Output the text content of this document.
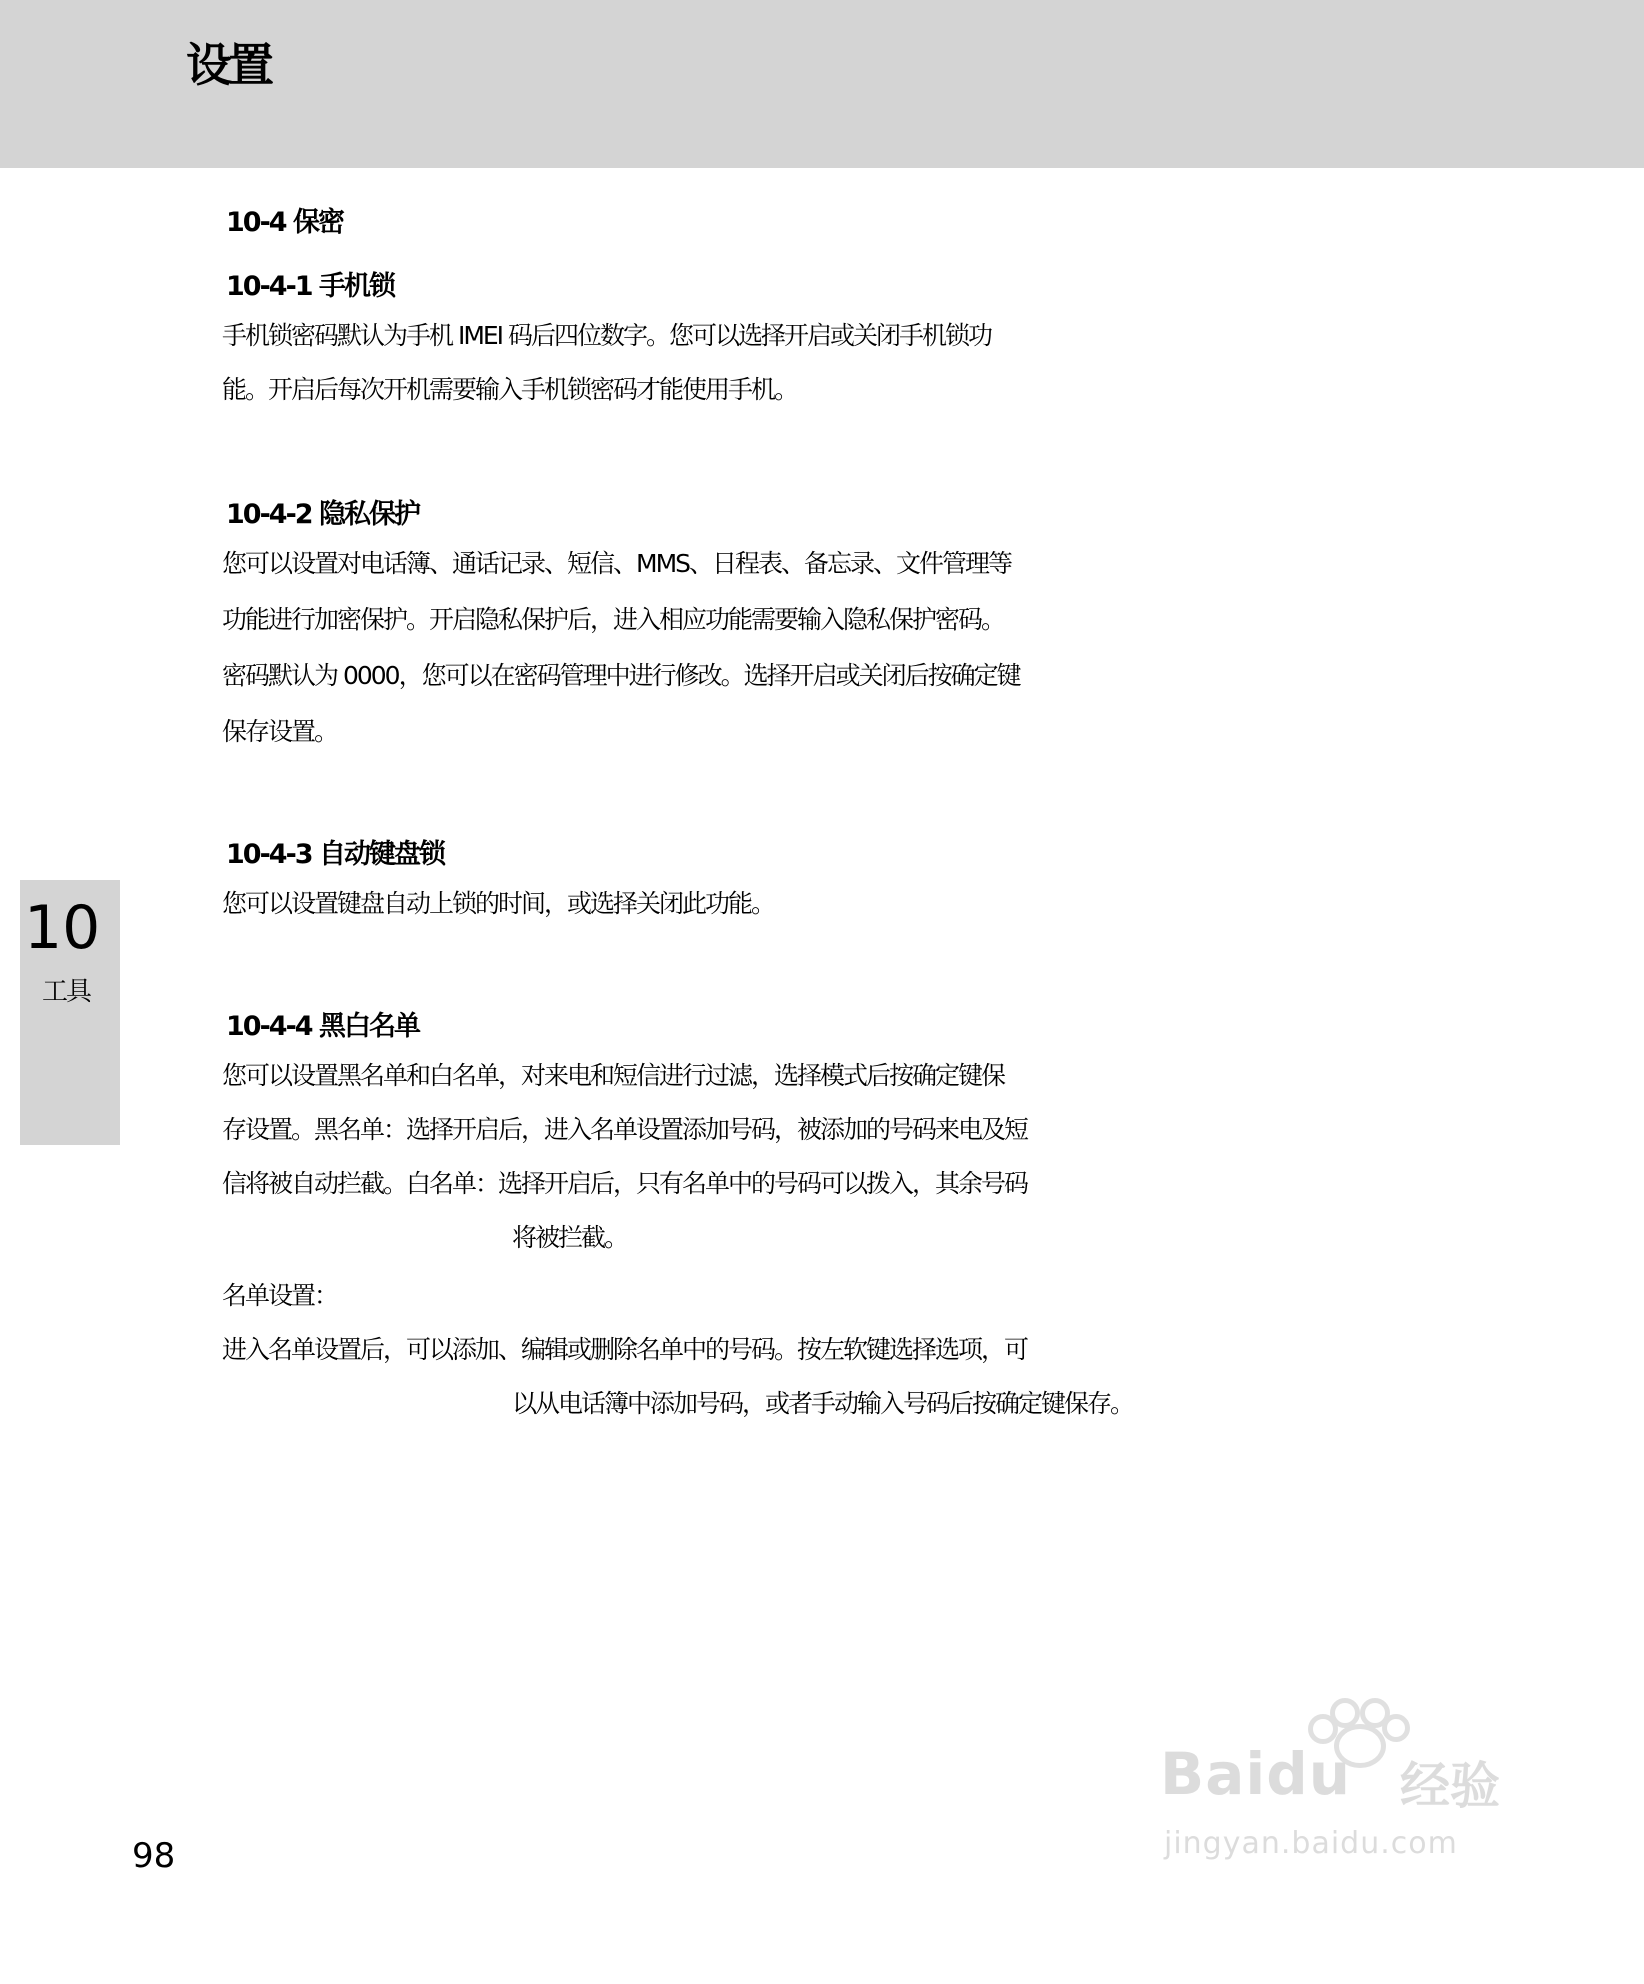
设置
10
工具
10-4 保密
10-4-1 手机锁
手机锁密码默认为手机 IMEI 码后四位数字。您可以选择开启或关闭手机锁功
能。开启后每次开机需要输入手机锁密码才能使用手机。
10-4-2 隐私保护
您可以设置对电话簿、通话记录、短信、MMS、日程表、备忘录、文件管理等
功能进行加密保护。开启隐私保护后，进入相应功能需要输入隐私保护密码。
密码默认为 0000，您可以在密码管理中进行修改。选择开启或关闭后按确定键
保存设置。
10-4-3 自动键盘锁
您可以设置键盘自动上锁的时间，或选择关闭此功能。
10-4-4 黑白名单
您可以设置黑名单和白名单，对来电和短信进行过滤，选择模式后按确定键保
存设置。黑名单：选择开启后，进入名单设置添加号码，被添加的号码来电及短
信将被自动拦截。白名单：选择开启后，只有名单中的号码可以拨入，其余号码
将被拦截。
名单设置：
进入名单设置后，可以添加、编辑或删除名单中的号码。按左软键选择选项，可
以从电话簿中添加号码，或者手动输入号码后按确定键保存。
98
Baidu 经验
jingyan.baidu.com
